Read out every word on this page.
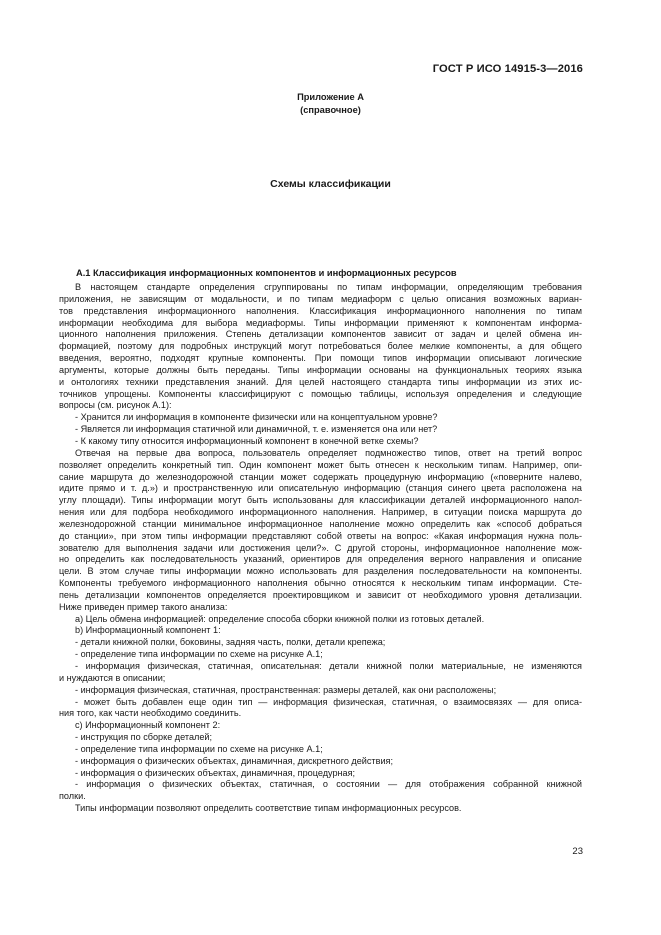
ГОСТ Р ИСО 14915-3—2016
Приложение А
(справочное)
Схемы классификации
А.1 Классификация информационных компонентов и информационных ресурсов
В настоящем стандарте определения сгруппированы по типам информации, определяющим требования
приложения, не зависящим от модальности, и по типам медиаформ с целью описания возможных вариан-
тов представления информационного наполнения. Классификация информационного наполнения по типам
информации необходима для выбора медиаформы. Типы информации применяют к компонентам информа-
ционного наполнения приложения. Степень детализации компонентов зависит от задач и целей обмена ин-
формацией, поэтому для подробных инструкций могут потребоваться более мелкие компоненты, а для общего
введения, вероятно, подходят крупные компоненты. При помощи типов информации описывают логические
аргументы, которые должны быть переданы. Типы информации основаны на функциональных теориях языка
и онтологиях техники представления знаний. Для целей настоящего стандарта типы информации из этих ис-
точников упрощены. Компоненты классифицируют с помощью таблицы, используя определения и следующие
вопросы (см. рисунок А.1):
- Хранится ли информация в компоненте физически или на концептуальном уровне?
- Является ли информация статичной или динамичной, т. е. изменяется она или нет?
- К какому типу относится информационный компонент в конечной ветке схемы?
Отвечая на первые два вопроса, пользователь определяет подмножество типов, ответ на третий вопрос
позволяет определить конкретный тип. Один компонент может быть отнесен к нескольким типам. Например, опи-
сание маршрута до железнодорожной станции может содержать процедурную информацию («поверните налево,
идите прямо и т. д.») и пространственную или описательную информацию (станция синего цвета расположена на
углу площади). Типы информации могут быть использованы для классификации деталей информационного напол-
нения или для подбора необходимого информационного наполнения. Например, в ситуации поиска маршрута до
железнодорожной станции минимальное информационное наполнение можно определить как «способ добраться
до станции», при этом типы информации представляют собой ответы на вопрос: «Какая информация нужна поль-
зователю для выполнения задачи или достижения цели?». С другой стороны, информационное наполнение мож-
но определить как последовательность указаний, ориентиров для определения верного направления и описание
цели. В этом случае типы информации можно использовать для разделения последовательности на компоненты.
Компоненты требуемого информационного наполнения обычно относятся к нескольким типам информации. Сте-
пень детализации компонентов определяется проектировщиком и зависит от необходимого уровня детализации.
Ниже приведен пример такого анализа:
a) Цель обмена информацией: определение способа сборки книжной полки из готовых деталей.
b) Информационный компонент 1:
- детали книжной полки, боковины, задняя часть, полки, детали крепежа;
- определение типа информации по схеме на рисунке А.1;
- информация физическая, статичная, описательная: детали книжной полки материальные, не изменяются
и нуждаются в описании;
- информация физическая, статичная, пространственная: размеры деталей, как они расположены;
- может быть добавлен еще один тип — информация физическая, статичная, о взаимосвязях — для описа-
ния того, как части необходимо соединить.
c) Информационный компонент 2:
- инструкция по сборке деталей;
- определение типа информации по схеме на рисунке А.1;
- информация о физических объектах, динамичная, дискретного действия;
- информация о физических объектах, динамичная, процедурная;
- информация о физических объектах, статичная, о состоянии — для отображения собранной книжной
полки.
Типы информации позволяют определить соответствие типам информационных ресурсов.
23
